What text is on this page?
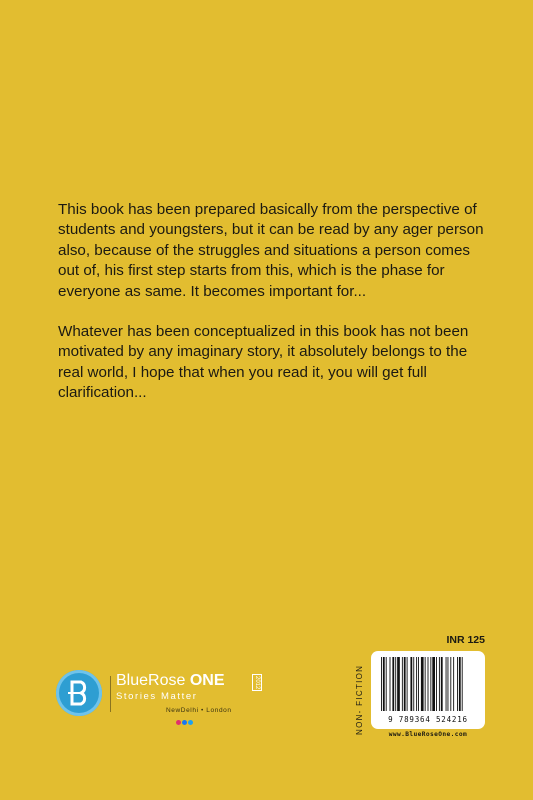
This book has been prepared basically from the perspective of students and youngsters, but it can be read by any ager person also, because of the struggles and situations a person comes out of, his first step starts from this, which is the phase for everyone as same. It becomes important for...

Whatever has been conceptualized in this book has not been motivated by any imaginary story, it absolutely belongs to the real world, I hope that when you read it, you will get full clarification...

INR 125
NON- FICTION	9 789364 524216
www.BlueRoseOne.com
BlueRose ONE
Stories Matter
2012
NewDelhi • London
